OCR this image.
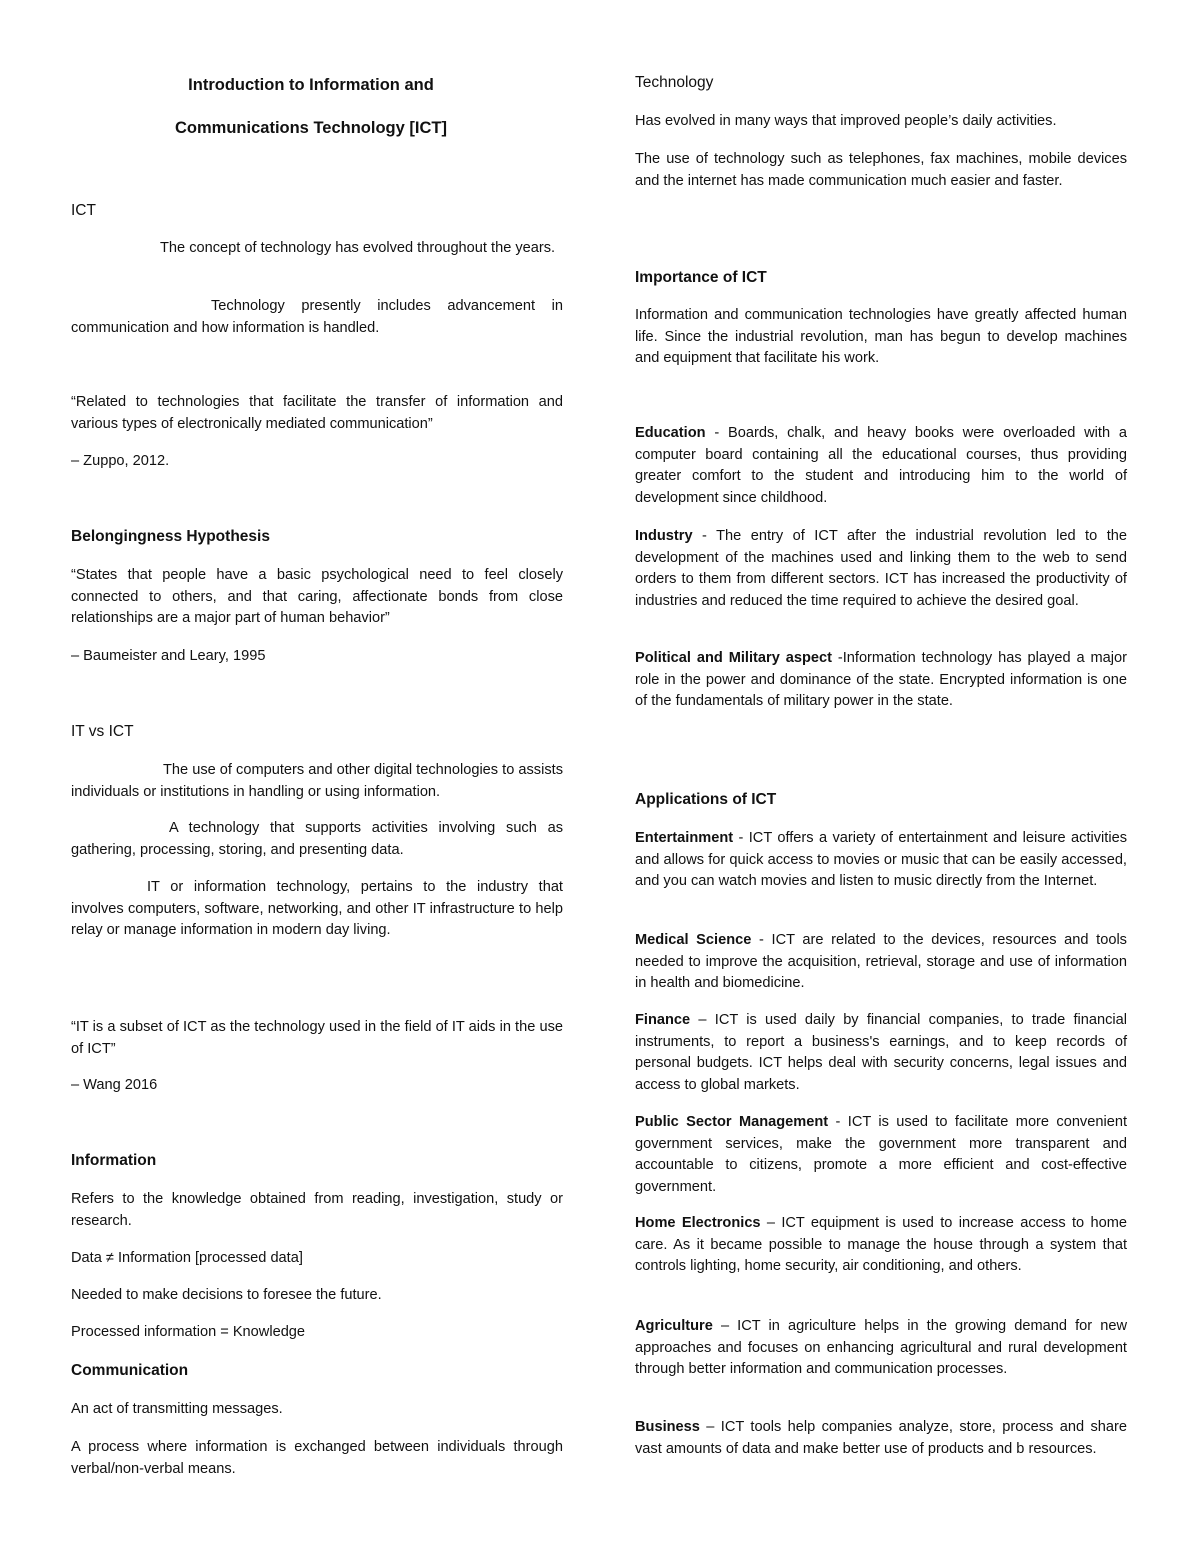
Introduction to Information and

Communications Technology [ICT]

ICT

The concept of technology has evolved throughout the years.

Technology presently includes advancement in communication and how information is handled.

“Related to technologies that facilitate the transfer of information and various types of electronically mediated communication”

– Zuppo, 2012.

Belongingness Hypothesis

“States that people have a basic psychological need to feel closely connected to others, and that caring, affectionate bonds from close relationships are a major part of human behavior”

– Baumeister and Leary, 1995

IT vs ICT

The use of computers and other digital technologies to assists individuals or institutions in handling or using information.

A technology that supports activities involving such as gathering, processing, storing, and presenting data.

IT or information technology, pertains to the industry that involves computers, software, networking, and other IT infrastructure to help relay or manage information in modern day living.

“IT is a subset of ICT as the technology used in the field of IT aids in the use of ICT”

– Wang 2016

Information

Refers to the knowledge obtained from reading, investigation, study or research.

Data ≠ Information [processed data]

Needed to make decisions to foresee the future.

Processed information = Knowledge

Communication

An act of transmitting messages.

A process where information is exchanged between individuals through verbal/non-verbal means.

Technology

Has evolved in many ways that improved people’s daily activities.

The use of technology such as telephones, fax machines, mobile devices and the internet has made communication much easier and faster.

Importance of ICT

Information and communication technologies have greatly affected human life. Since the industrial revolution, man has begun to develop machines and equipment that facilitate his work.

Education - Boards, chalk, and heavy books were overloaded with a computer board containing all the educational courses, thus providing greater comfort to the student and introducing him to the world of development since childhood.

Industry - The entry of ICT after the industrial revolution led to the development of the machines used and linking them to the web to send orders to them from different sectors. ICT has increased the productivity of industries and reduced the time required to achieve the desired goal.

Political and Military aspect -Information technology has played a major role in the power and dominance of the state. Encrypted information is one of the fundamentals of military power in the state.

Applications of ICT

Entertainment - ICT offers a variety of entertainment and leisure activities and allows for quick access to movies or music that can be easily accessed, and you can watch movies and listen to music directly from the Internet.

Medical Science - ICT are related to the devices, resources and tools needed to improve the acquisition, retrieval, storage and use of information in health and biomedicine.

Finance – ICT is used daily by financial companies, to trade financial instruments, to report a business's earnings, and to keep records of personal budgets. ICT helps deal with security concerns, legal issues and access to global markets.

Public Sector Management - ICT is used to facilitate more convenient government services, make the government more transparent and accountable to citizens, promote a more efficient and cost-effective government.

Home Electronics – ICT equipment is used to increase access to home care. As it became possible to manage the house through a system that controls lighting, home security, air conditioning, and others.

Agriculture – ICT in agriculture helps in the growing demand for new approaches and focuses on enhancing agricultural and rural development through better information and communication processes.

Business – ICT tools help companies analyze, store, process and share vast amounts of data and make better use of products and b resources.
